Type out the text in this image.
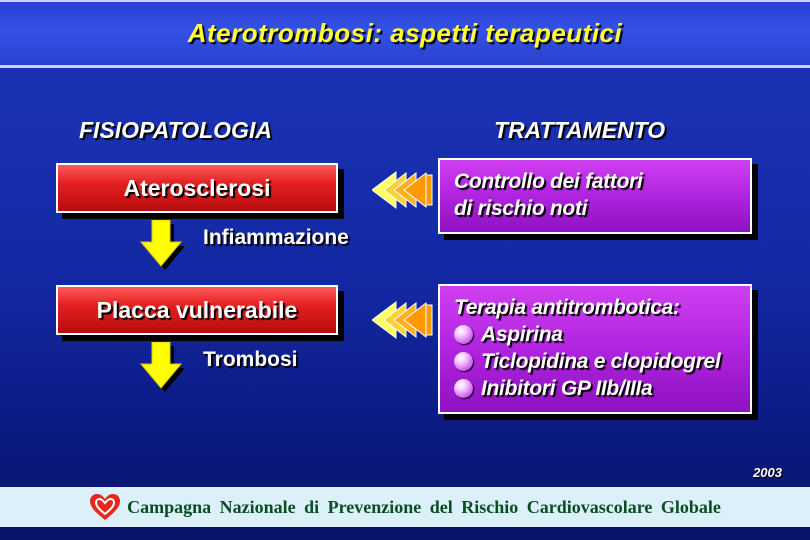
Aterotrombosi: aspetti terapeutici
FISIOPATOLOGIA	TRATTAMENTO
Aterosclerosi
Infiammazione
Placca vulnerabile
Trombosi
Controllo dei fattori
di rischio noti
Terapia antitrombotica:
Aspirina
Ticlopidina e clopidogrel
Inibitori GP IIb/IIIa
2003
Campagna Nazionale di Prevenzione del Rischio Cardiovascolare Globale
